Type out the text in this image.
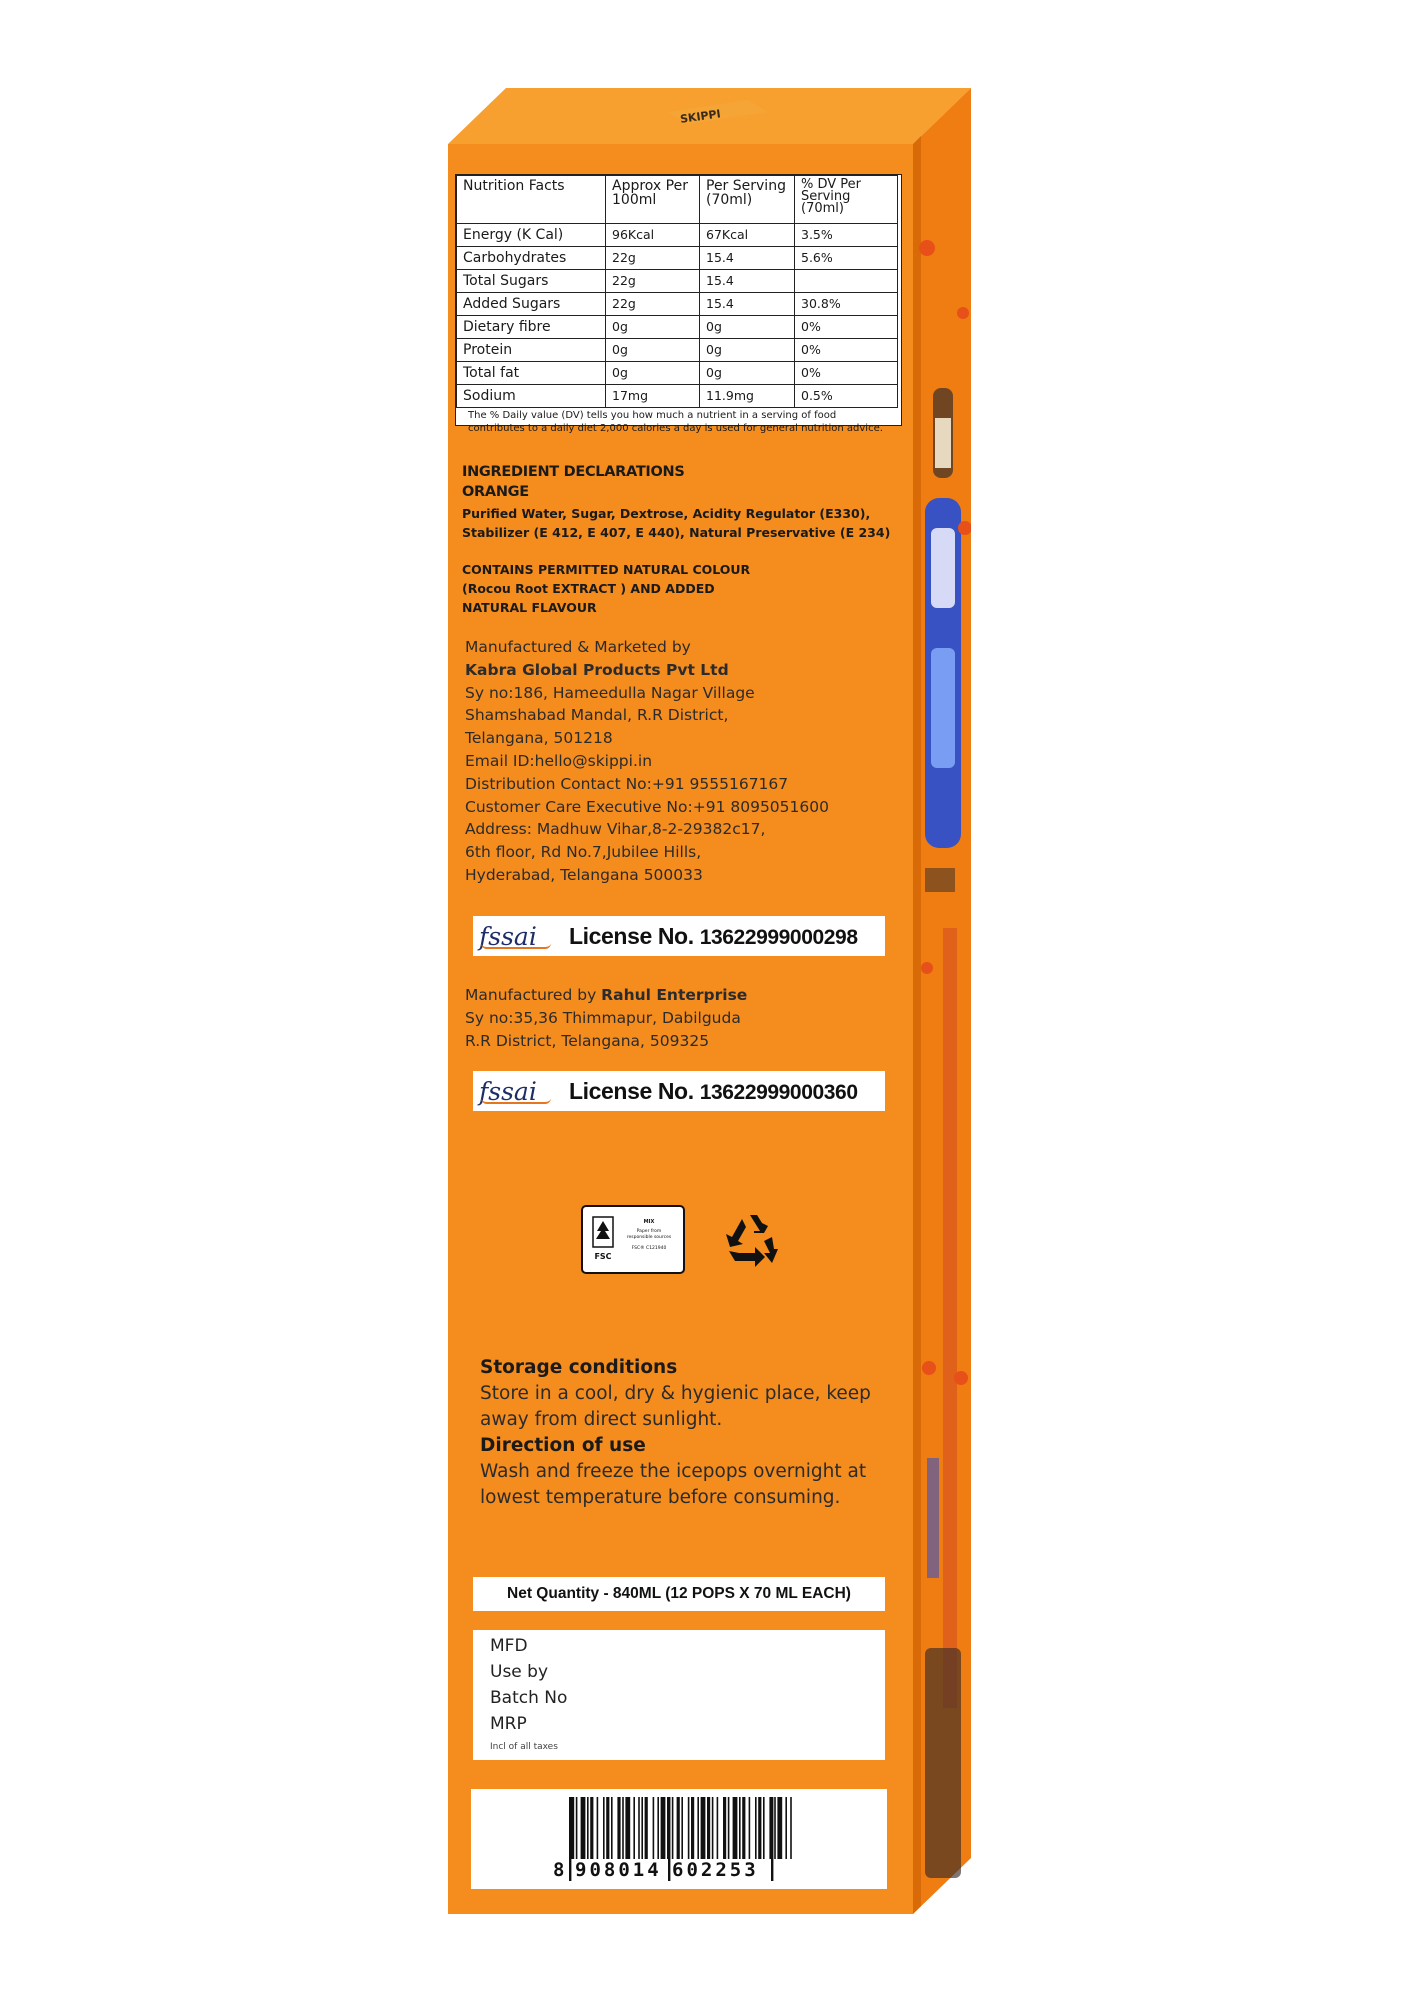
SKIPPI
Nutrition Facts	Approx Per 100ml	Per Serving (70ml)	% DV Per Serving (70ml)
Energy (K Cal)	96Kcal	67Kcal	3.5%
Carbohydrates	22g	15.4	5.6%
Total Sugars	22g	15.4	
Added Sugars	22g	15.4	30.8%
Dietary fibre	0g	0g	0%
Protein	0g	0g	0%
Total fat	0g	0g	0%
Sodium	17mg	11.9mg	0.5%
The % Daily value (DV) tells you how much a nutrient in a serving of food contributes to a daily diet 2,000 calories a day is used for general nutrition advice.
INGREDIENT DECLARATIONS
ORANGE
Purified Water, Sugar, Dextrose, Acidity Regulator (E330), Stabilizer (E 412, E 407, E 440), Natural Preservative (E 234)
CONTAINS PERMITTED NATURAL COLOUR
(Rocou Root EXTRACT ) AND ADDED
NATURAL FLAVOUR
Manufactured & Marketed by
Kabra Global Products Pvt Ltd
Sy no:186, Hameedulla Nagar Village
Shamshabad Mandal, R.R District,
Telangana, 501218
Email ID:hello@skippi.in
Distribution Contact No:+91 9555167167
Customer Care Executive No:+91 8095051600
Address: Madhuw Vihar,8-2-29382c17,
6th floor, Rd No.7,Jubilee Hills,
Hyderabad, Telangana 500033
fssai	License No. 13622999000298
Manufactured by Rahul Enterprise
Sy no:35,36 Thimmapur, Dabilguda
R.R District, Telangana, 509325
fssai	License No. 13622999000360
FSC
MIX
Paper from
responsible sources
FSC® C121940
Storage conditions
Store in a cool, dry & hygienic place, keep away from direct sunlight.
Direction of use
Wash and freeze the icepops overnight at lowest temperature before consuming.
Net Quantity - 840ML (12 POPS X 70 ML EACH)
MFD
Use by
Batch No
MRP
Incl of all taxes
8 908014 602253
